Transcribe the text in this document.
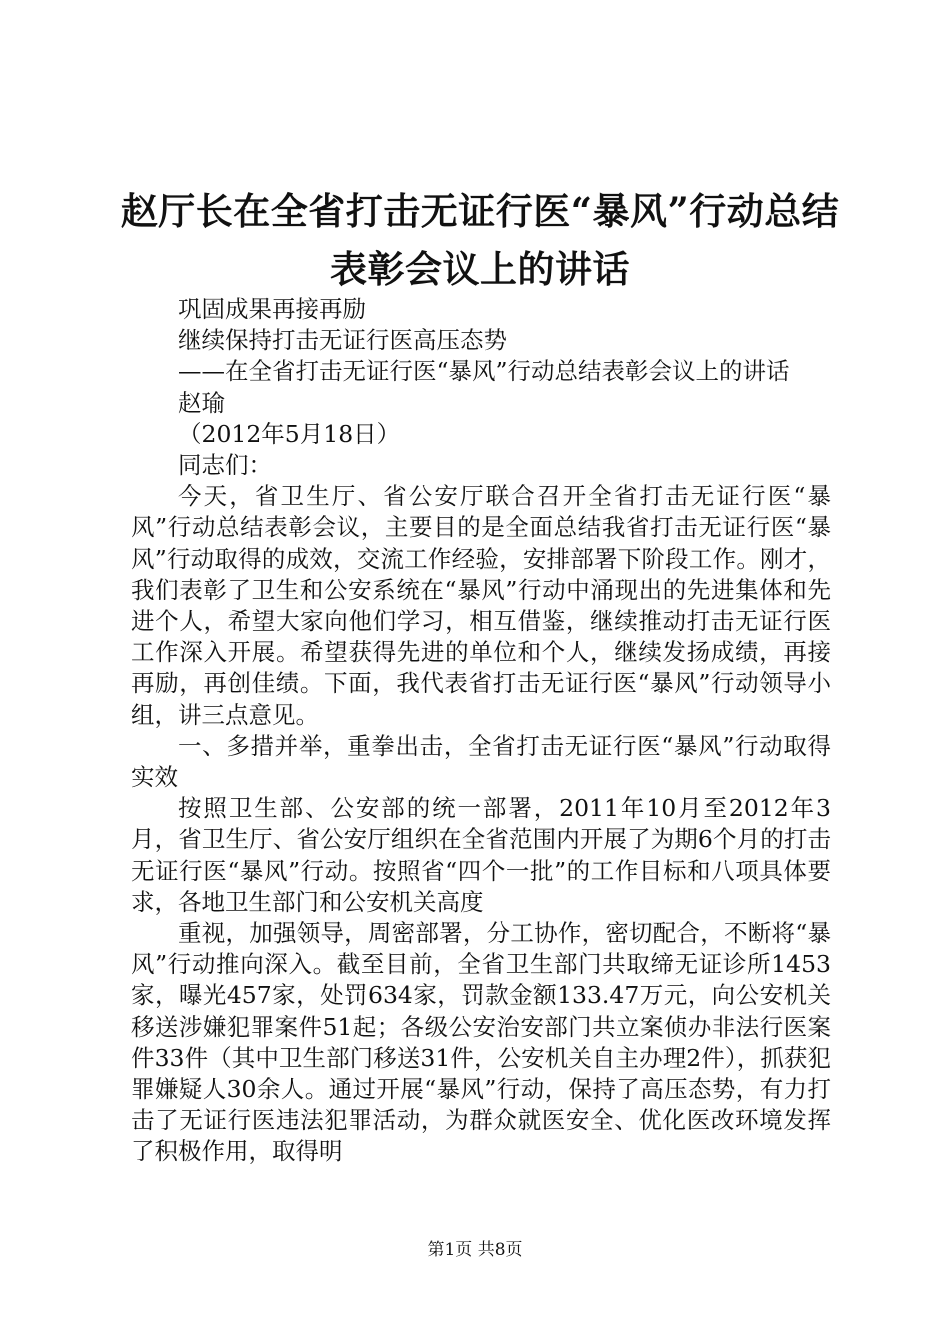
赵厅长在全省打击无证行医“暴风”行动总结
表彰会议上的讲话

巩固成果再接再励

继续保持打击无证行医高压态势

——在全省打击无证行医“暴风”行动总结表彰会议上的讲话

赵瑜

（2012年5月18日）

同志们：

今天，省卫生厅、省公安厅联合召开全省打击无证行医“暴风”行动总结表彰会议，主要目的是全面总结我省打击无证行医“暴风”行动取得的成效，交流工作经验，安排部署下阶段工作。刚才，我们表彰了卫生和公安系统在“暴风”行动中涌现出的先进集体和先进个人，希望大家向他们学习，相互借鉴，继续推动打击无证行医工作深入开展。希望获得先进的单位和个人，继续发扬成绩，再接再励，再创佳绩。下面，我代表省打击无证行医“暴风”行动领导小组，讲三点意见。

一、多措并举，重拳出击，全省打击无证行医“暴风”行动取得实效

按照卫生部、公安部的统一部署，2011年10月至2012年3月，省卫生厅、省公安厅组织在全省范围内开展了为期6个月的打击无证行医“暴风”行动。按照省“四个一批”的工作目标和八项具体要求，各地卫生部门和公安机关高度

重视，加强领导，周密部署，分工协作，密切配合，不断将“暴风”行动推向深入。截至目前，全省卫生部门共取缔无证诊所1453家，曝光457家，处罚634家，罚款金额133.47万元，向公安机关移送涉嫌犯罪案件51起；各级公安治安部门共立案侦办非法行医案件33件（其中卫生部门移送31件，公安机关自主办理2件），抓获犯罪嫌疑人30余人。通过开展“暴风”行动，保持了高压态势，有力打击了无证行医违法犯罪活动，为群众就医安全、优化医改环境发挥了积极作用，取得明

第1页 共8页
